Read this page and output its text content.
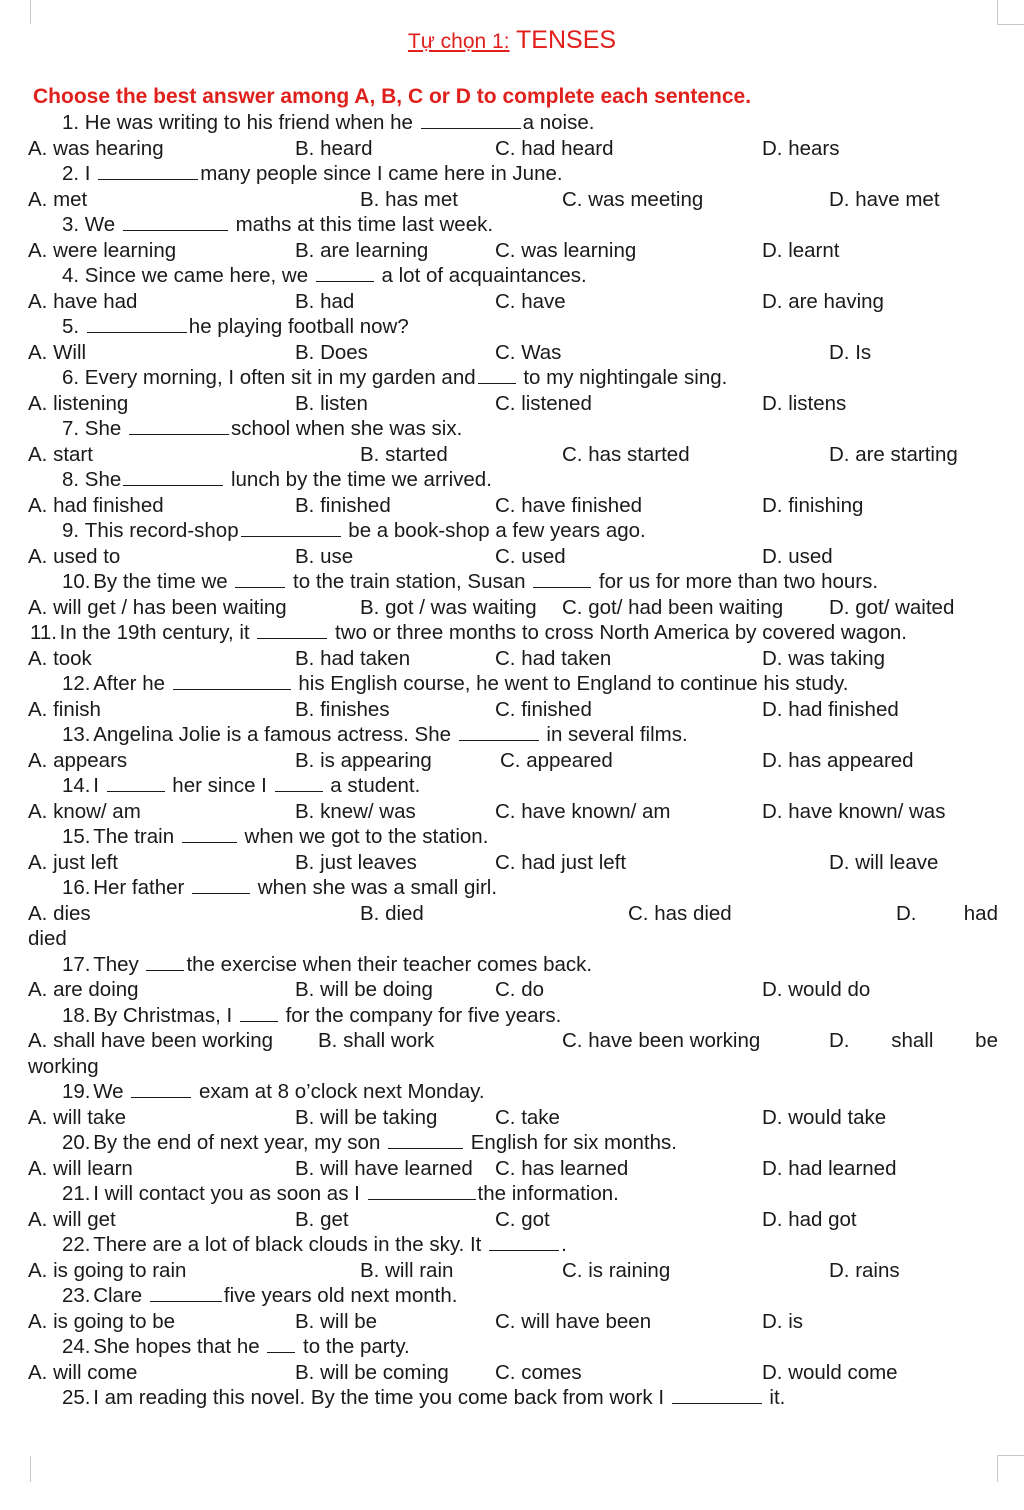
Tự chọn 1: TENSES
Choose the best answer among A, B, C or D to complete each sentence.
1. He was writing to his friend when he	a noise.
A. was hearing	B. heard	C. had heard	D. hears
2. I	many people since I came here in June.
A. met	B. has met	C. was meeting	D. have met
3. We	maths at this time last week.
A. were learning	B. are learning	C. was learning	D. learnt
4. Since we came here, we	a lot of acquaintances.
A. have had	B. had	C. have	D. are having
5.	he playing football now?
A. Will	B. Does	C. Was	D. Is
6. Every morning, I often sit in my garden and to my nightingale sing.
A. listening	B. listen	C. listened	D. listens
7. She	school when she was six.
A. start	B. started	C. has started	D. are starting
8. She	lunch by the time we arrived.
A. had finished	B. finished	C. have finished	D. finishing
9. This record-shop	be a book-shop a few years ago.
A. used to	B. use	C. used	D. used
10. By the time we	to the train station, Susan	for us for more than two hours.
A. will get / has been waiting	B. got / was waiting C. got/ had been waiting D. got/ waited
11. In the 19th century, it	two or three months to cross North America by covered wagon.
A. took	B. had taken	C. had taken	D. was taking
12. After he	his English course, he went to England to continue his study.
A. finish	B. finishes	C. finished	D. had finished
13. Angelina Jolie is a famous actress. She	in several films.
A. appears	B. is appearing	C. appeared	D. has appeared
14. I	her since I	a student.
A. know/ am	B. knew/ was	C. have known/ am	D. have known/ was
15. The train	when we got to the station.
A. just left	B. just leaves	C. had just left	D. will leave
16. Her father	when she was a small girl.
A. dies	B. died	C. has died	D. had
died
17. They the exercise when their teacher comes back.
A. are doing	B. will be doing	C. do	D. would do
18. By Christmas, I  for the company for five years.
A. shall have been working B. shall work	C. have been working	D. shall be
working
19. We	exam at 8 o’clock next Monday.
A. will take	B. will be taking	C. take	D. would take
20. By the end of next year, my son	English for six months.
A. will learn	B. will have learned C. has learned	D. had learned
21. I will contact you as soon as I	the information.
A. will get	B. get	C. got	D. had got
22. There are a lot of black clouds in the sky. It	.
A. is going to rain	B. will rain	C. is raining	D. rains
23. Clare	five years old next month.
A. is going to be	B. will be	C. will have been	D. is
24. She hopes that he  to the party.
A. will come	B. will be coming C. comes	D. would come
25. I am reading this novel. By the time you come back from work I	it.
